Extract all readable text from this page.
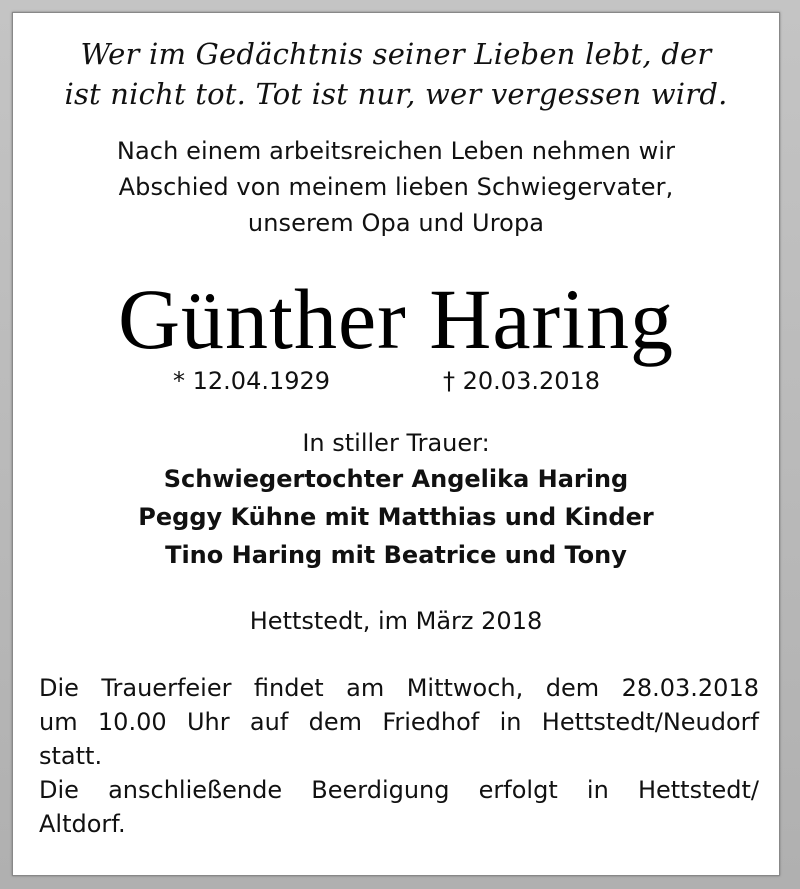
Wer im Gedächtnis seiner Lieben lebt, der
ist nicht tot. Tot ist nur, wer vergessen wird.
Nach einem arbeitsreichen Leben nehmen wir
Abschied von meinem lieben Schwiegervater,
unserem Opa und Uropa
Günther Haring
* 12.04.1929	† 20.03.2018
In stiller Trauer:
Schwiegertochter Angelika Haring
Peggy Kühne mit Matthias und Kinder
Tino Haring mit Beatrice und Tony
Hettstedt, im März 2018
Die Trauerfeier findet am Mittwoch, dem 28.03.2018
um 10.00 Uhr auf dem Friedhof in Hettstedt/Neudorf
statt.
Die anschließende Beerdigung erfolgt in Hettstedt/
Altdorf.
